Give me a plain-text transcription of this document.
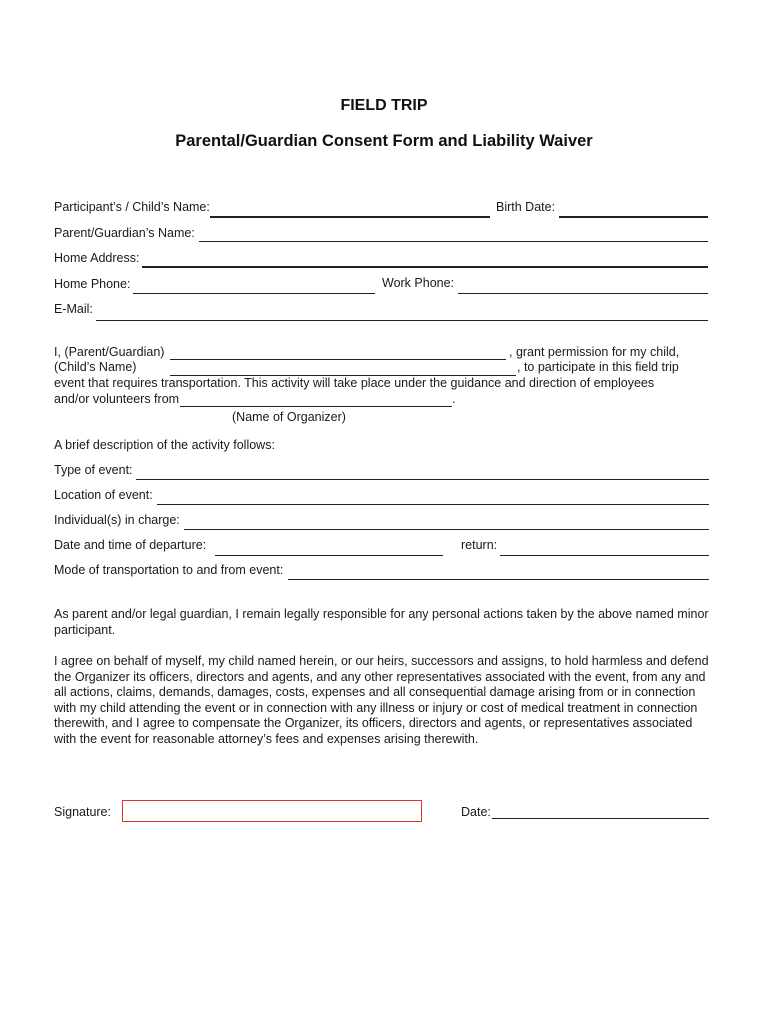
FIELD TRIP
Parental/Guardian Consent Form and Liability Waiver
Participant’s / Child’s Name:	Birth Date:
Parent/Guardian’s Name:
Home Address:
Home Phone:	Work Phone:
E-Mail:
I, (Parent/Guardian)	, grant permission for my child,
(Child’s Name)	, to participate in this field trip
event that requires transportation. This activity will take place under the guidance and direction of employees
and/or volunteers from	.
(Name of Organizer)
A brief description of the activity follows:
Type of event:
Location of event:
Individual(s) in charge:
Date and time of departure:	return:
Mode of transportation to and from event:
As parent and/or legal guardian, I remain legally responsible for any personal actions taken by the above named minor participant.
I agree on behalf of myself, my child named herein, or our heirs, successors and assigns, to hold harmless and defend the Organizer its officers, directors and agents, and any other representatives associated with the event, from any and all actions, claims, demands, damages, costs, expenses and all consequential damage arising from or in connection with my child attending the event or in connection with any illness or injury or cost of medical treatment in connection therewith, and I agree to compensate the Organizer, its officers, directors and agents, or representatives associated with the event for reasonable attorney’s fees and expenses arising therewith.
Signature:	Date:
